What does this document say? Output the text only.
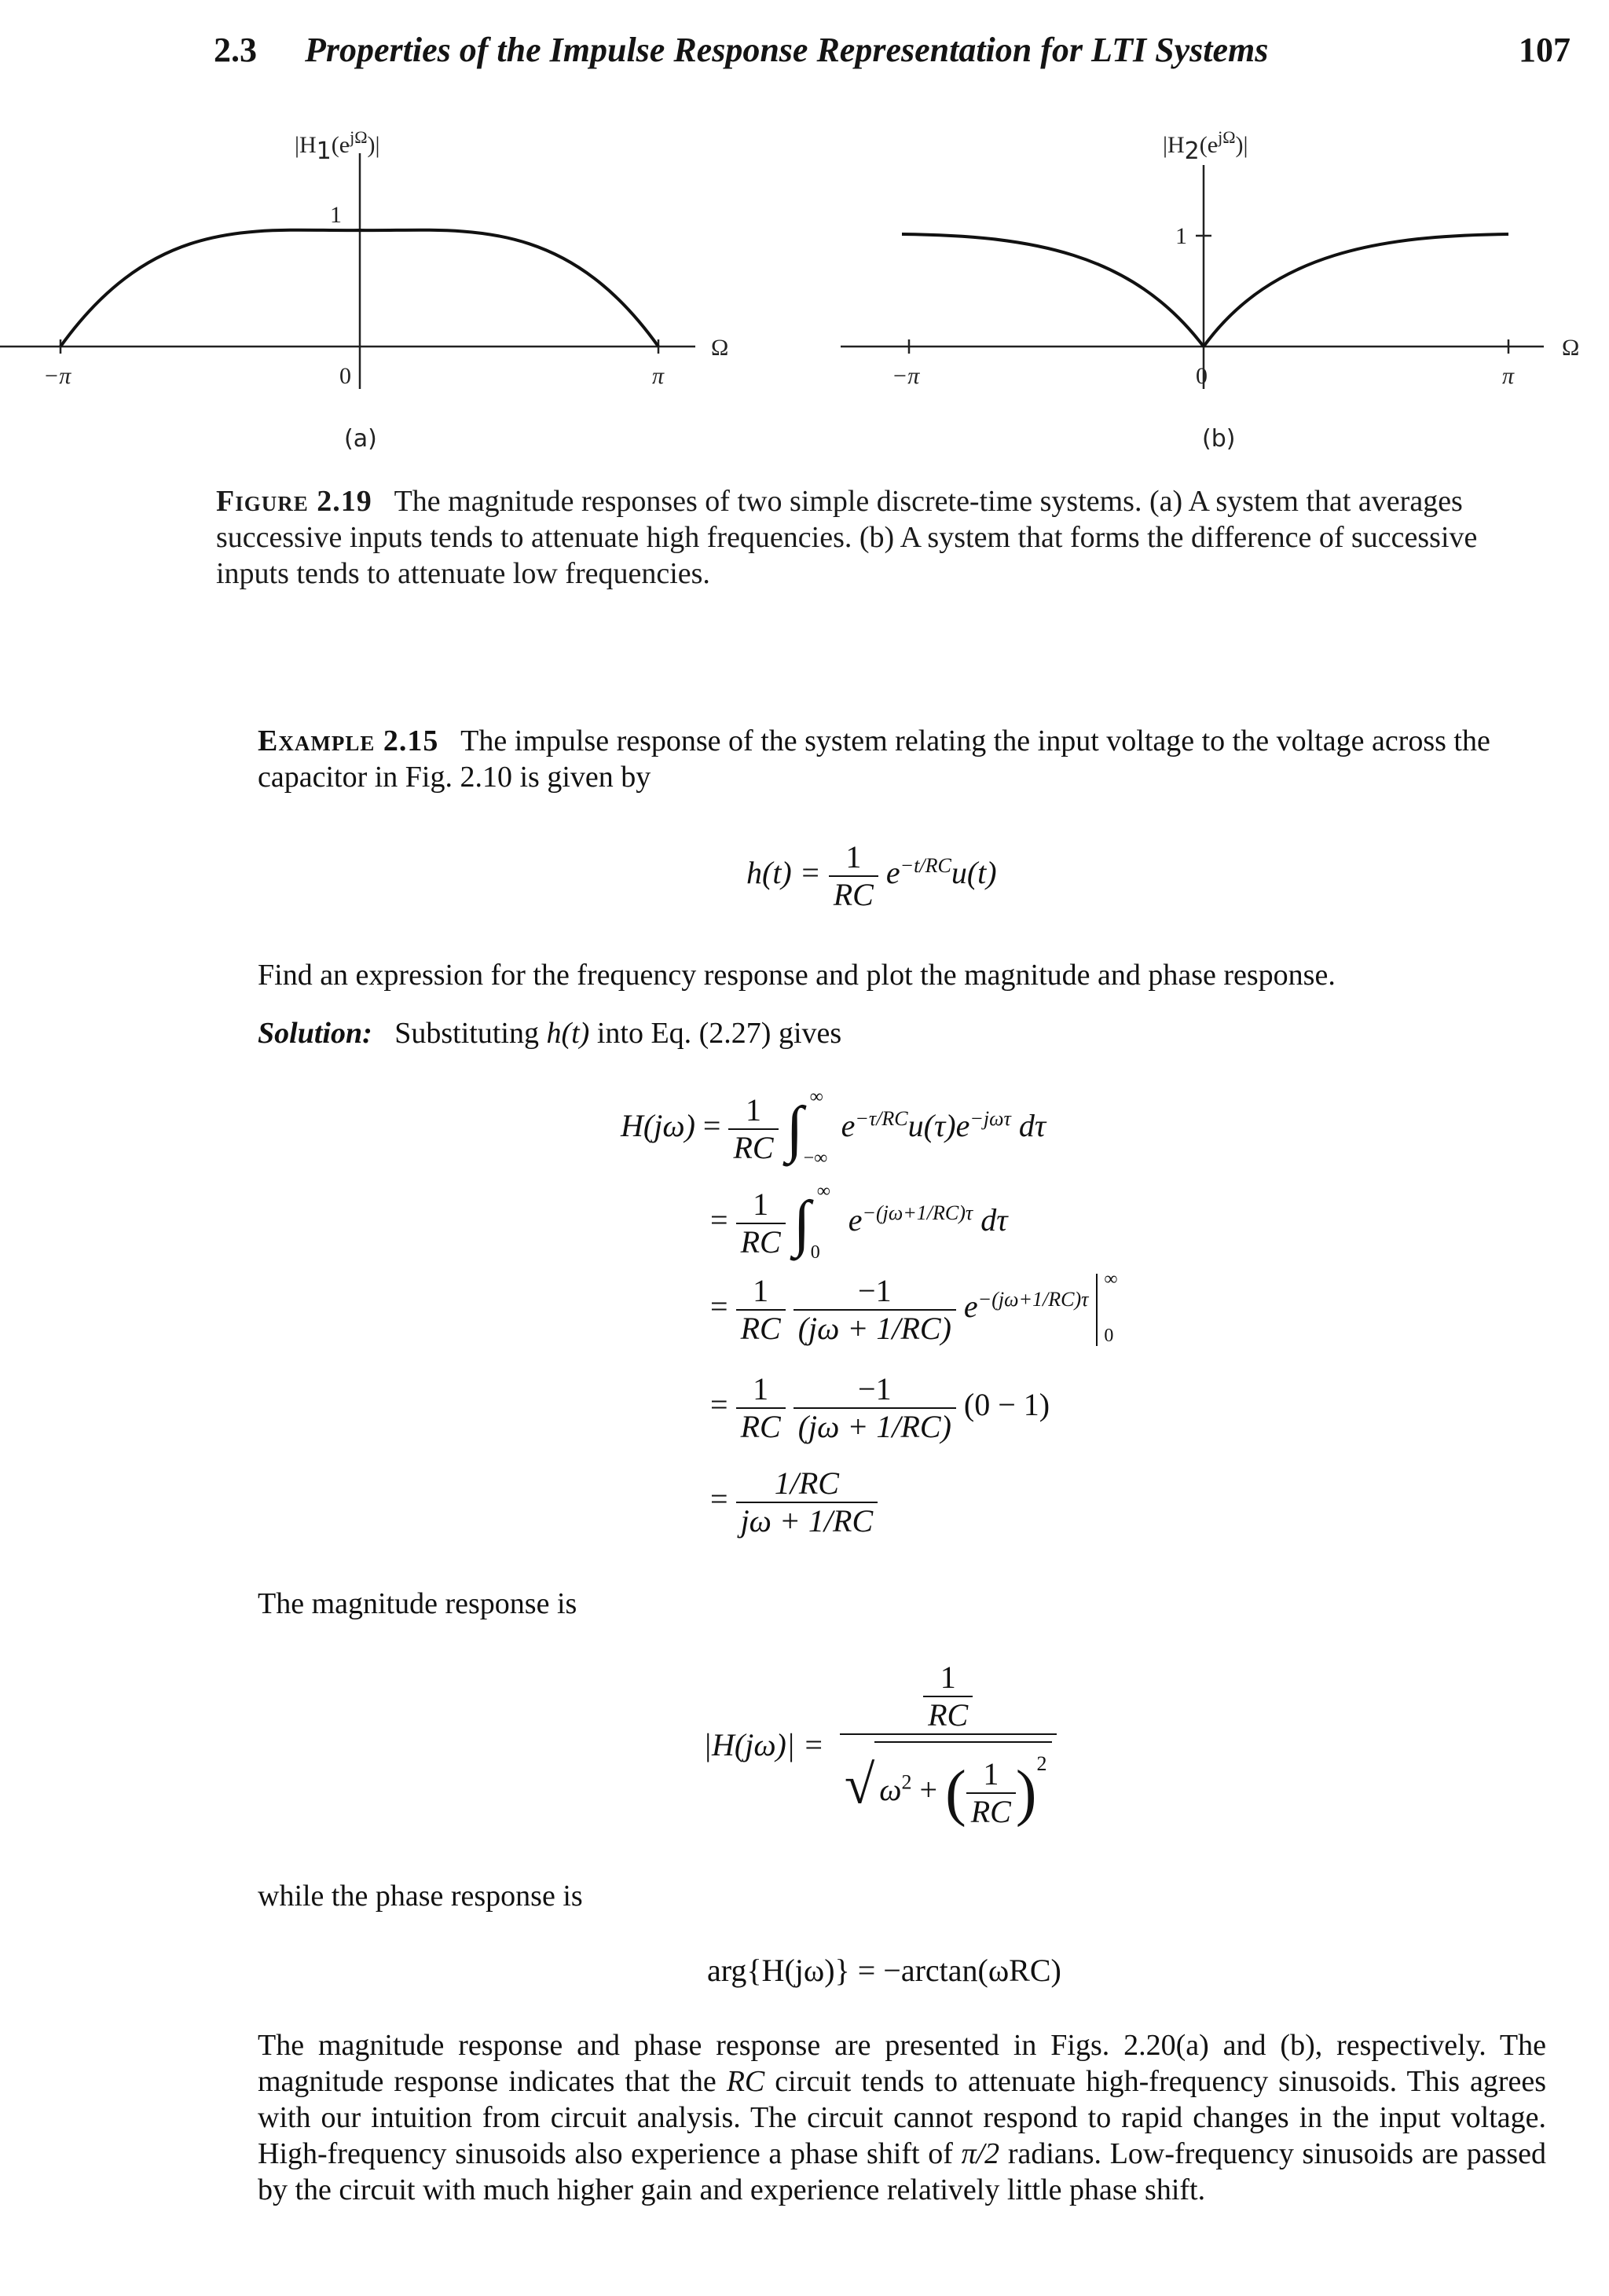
2.3 Properties of the Impulse Response Representation for LTI Systems	107
$|H1(e^{j\Omega})|$
1
Ω
−π	0	π
(a)
$|H2(e^{j\Omega})|$
1
Ω
−π	0	π
(b)
Figure 2.19 The magnitude responses of two simple discrete-time systems. (a) A system that averages successive inputs tends to attenuate high frequencies. (b) A system that forms the difference of successive inputs tends to attenuate low frequencies.
Example 2.15 The impulse response of the system relating the input voltage to the voltage across the capacitor in Fig. 2.10 is given by
$h(t) = \frac{1}{RC} e^{-t/RC}u(t)$
Find an expression for the frequency response and plot the magnitude and phase response.
Solution: Substituting h(t) into Eq. (2.27) gives
$H(j\omega) = \frac{1}{RC}$ ∫ ∞
−∞
$e^{-\tau/RC}u(\tau)e^{-j\omega\tau}$ dτ
= $\frac{1}{RC}$ ∫ ∞
0
$e^{-(j\omega+1/RC)\tau}$ dτ
= $\frac{1}{RC}$
$\frac{-1}{(j\omega + 1/RC)} e^{-(j\omega+1/RC)\tau}$
∞
0
= $\frac{1}{RC}$
$\frac{-1}{(j\omega + 1/RC)} (0 - 1)$
= $\frac{1/RC}{j\omega + 1/RC}$
The magnitude response is
$|H(j\omega)| = \frac{\frac{1}{RC}}{√ \omega^2 + ( \frac{1}{RC} )^2}$
while the phase response is
arg{H(jω)} = −arctan(ωRC)
The magnitude response and phase response are presented in Figs. 2.20(a) and (b), respectively. The magnitude response indicates that the RC circuit tends to attenuate high-frequency sinusoids. This agrees with our intuition from circuit analysis. The circuit cannot respond to rapid changes in the input voltage. High-frequency sinusoids also experience a phase shift of π/2 radians. Low-frequency sinusoids are passed by the circuit with much higher gain and experience relatively little phase shift.
